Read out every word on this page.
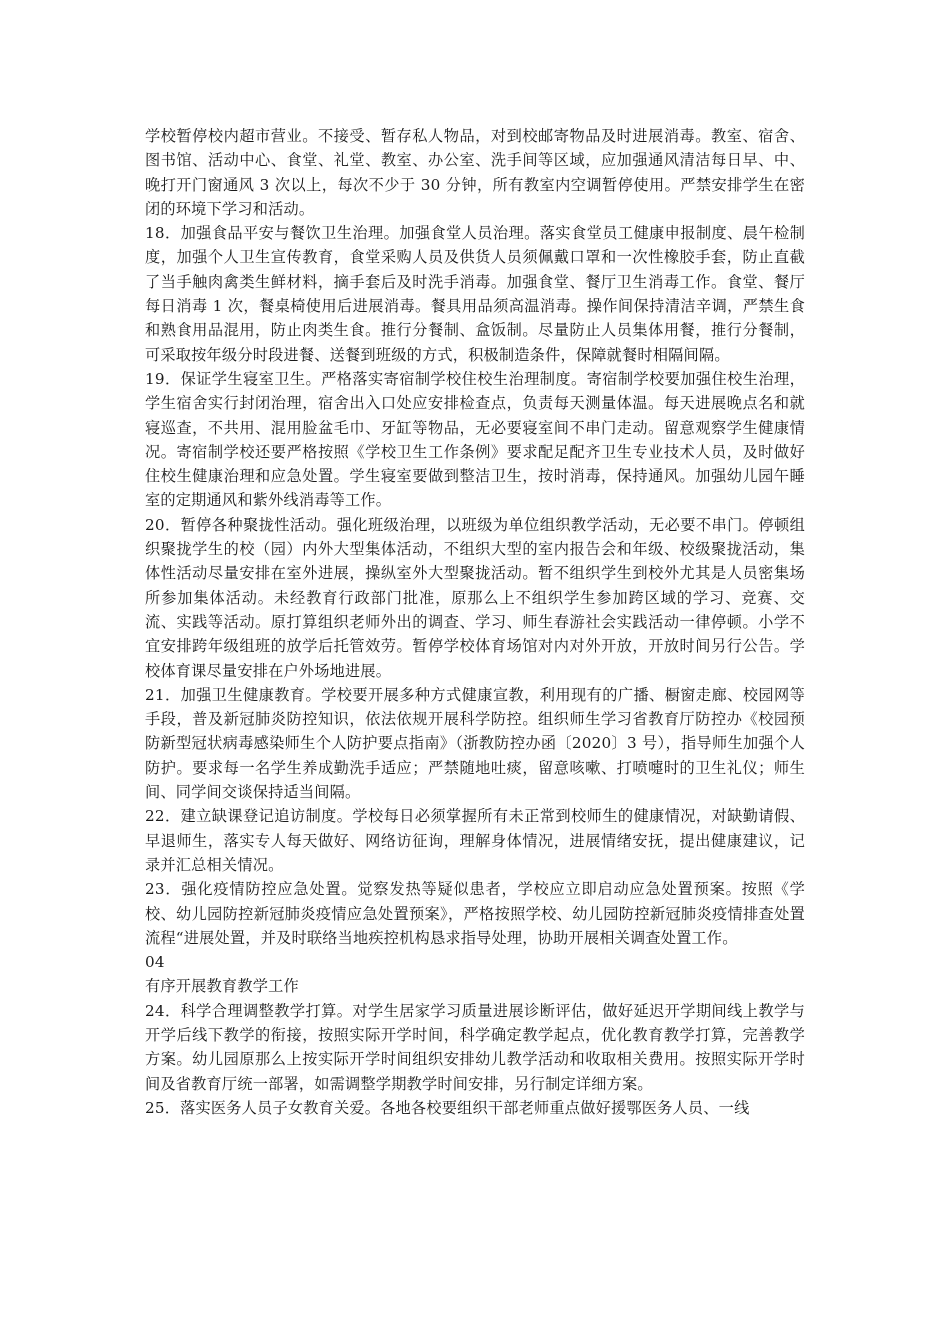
学校暂停校内超市营业。不接受、暂存私人物品，对到校邮寄物品及时进展消毒。教室、宿舍、图书馆、活动中心、食堂、礼堂、教室、办公室、洗手间等区域，应加强通风清洁每日早、中、晚打开门窗通风 3 次以上，每次不少于 30 分钟，所有教室内空调暂停使用。严禁安排学生在密闭的环境下学习和活动。

18．加强食品平安与餐饮卫生治理。加强食堂人员治理。落实食堂员工健康申报制度、晨午检制度，加强个人卫生宣传教育，食堂采购人员及供货人员须佩戴口罩和一次性橡胶手套，防止直截了当手触肉禽类生鲜材料，摘手套后及时洗手消毒。加强食堂、餐厅卫生消毒工作。食堂、餐厅每日消毒 1 次，餐桌椅使用后进展消毒。餐具用品须高温消毒。操作间保持清洁辛调，严禁生食和熟食用品混用，防止肉类生食。推行分餐制、盒饭制。尽量防止人员集体用餐，推行分餐制，可采取按年级分时段进餐、送餐到班级的方式，积极制造条件，保障就餐时相隔间隔。

19．保证学生寝室卫生。严格落实寄宿制学校住校生治理制度。寄宿制学校要加强住校生治理，学生宿舍实行封闭治理，宿舍出入口处应安排检查点，负责每天测量体温。每天进展晚点名和就寝巡查，不共用、混用脸盆毛巾、牙缸等物品，无必要寝室间不串门走动。留意观察学生健康情况。寄宿制学校还要严格按照《学校卫生工作条例》要求配足配齐卫生专业技术人员，及时做好住校生健康治理和应急处置。学生寝室要做到整洁卫生，按时消毒，保持通风。加强幼儿园午睡室的定期通风和紫外线消毒等工作。

20．暂停各种聚拢性活动。强化班级治理，以班级为单位组织教学活动，无必要不串门。停顿组织聚拢学生的校（园）内外大型集体活动，不组织大型的室内报告会和年级、校级聚拢活动，集体性活动尽量安排在室外进展，操纵室外大型聚拢活动。暂不组织学生到校外尤其是人员密集场所参加集体活动。未经教育行政部门批准，原那么上不组织学生参加跨区域的学习、竞赛、交流、实践等活动。原打算组织老师外出的调查、学习、师生春游社会实践活动一律停顿。小学不宜安排跨年级组班的放学后托管效劳。暂停学校体育场馆对内对外开放，开放时间另行公告。学校体育课尽量安排在户外场地进展。

21．加强卫生健康教育。学校要开展多种方式健康宣教，利用现有的广播、橱窗走廊、校园网等手段，普及新冠肺炎防控知识，依法依规开展科学防控。组织师生学习省教育厅防控办《校园预防新型冠状病毒感染师生个人防护要点指南》（浙教防控办函〔2020〕3 号），指导师生加强个人防护。要求每一名学生养成勤洗手适应；严禁随地吐痰，留意咳嗽、打喷嚏时的卫生礼仪；师生间、同学间交谈保持适当间隔。

22．建立缺课登记追访制度。学校每日必须掌握所有未正常到校师生的健康情况，对缺勤请假、早退师生，落实专人每天做好、网络访征询，理解身体情况，进展情绪安抚，提出健康建议，记录并汇总相关情况。

23．强化疫情防控应急处置。觉察发热等疑似患者，学校应立即启动应急处置预案。按照《学校、幼儿园防控新冠肺炎疫情应急处置预案》，严格按照学校、幼儿园防控新冠肺炎疫情排查处置流程“进展处置，并及时联络当地疾控机构恳求指导处理，协助开展相关调查处置工作。

04

有序开展教育教学工作

24．科学合理调整教学打算。对学生居家学习质量进展诊断评估，做好延迟开学期间线上教学与开学后线下教学的衔接，按照实际开学时间，科学确定教学起点，优化教育教学打算，完善教学方案。幼儿园原那么上按实际开学时间组织安排幼儿教学活动和收取相关费用。按照实际开学时间及省教育厅统一部署，如需调整学期教学时间安排，另行制定详细方案。

25．落实医务人员子女教育关爱。各地各校要组织干部老师重点做好援鄂医务人员、一线
